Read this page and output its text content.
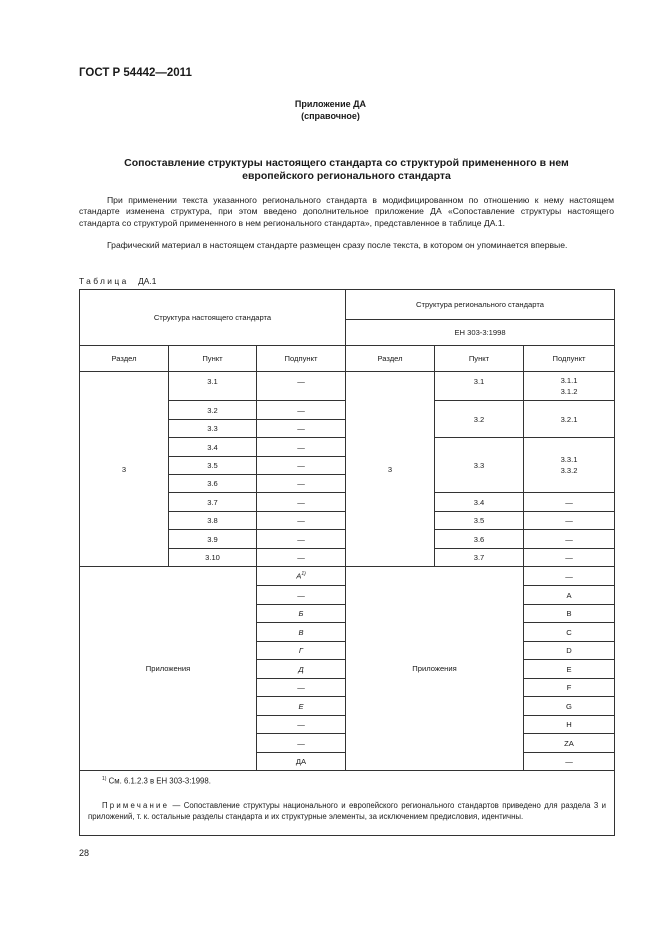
ГОСТ Р 54442—2011
Приложение ДА
(справочное)
Сопоставление структуры настоящего стандарта со структурой примененного в нем
европейского регионального стандарта
При применении текста указанного регионального стандарта в модифицированном по отношению к нему настоящем стандарте изменена структура, при этом введено дополнительное приложение ДА «Сопоставление структуры настоящего стандарта со структурой примененного в нем регионального стандарта», представленное в таблице ДА.1.
Графический материал в настоящем стандарте размещен сразу после текста, в котором он упоминается впервые.
Таблица ДА.1
Структура настоящего стандарта			Структура регионального стандарта		
			ЕН 303-3:1998		
Раздел	Пункт	Подпункт	Раздел	Пункт	Подпункт
3	3.1	—	3	3.1	3.1.1
3.1.2

	3.2	—		3.2	3.2.1
	3.3	—			
	3.4	—		3.3	3.3.1
3.3.2

	3.5	—			
	3.6	—			
	3.7	—		3.4	—
	3.8	—		3.5	—
	3.9	—		3.6	—
	3.10	—		3.7	—
Приложения		$А^{1)}$	Приложения		—
		—			А
		Б			В
		В			С
		Г			D
		Д			E
		—			F
		Е			G
		—			H
		—			ZA
		ДА			—
$^{1)}$ См. 6.1.2.3 в ЕН 303-3:1998.					
Примечание — Сопоставление структуры национального и европейского регионального стандартов приведено для раздела 3 и приложений, т. к. остальные разделы стандарта и их структурные элементы, за исключением предисловия, идентичны.					
28
